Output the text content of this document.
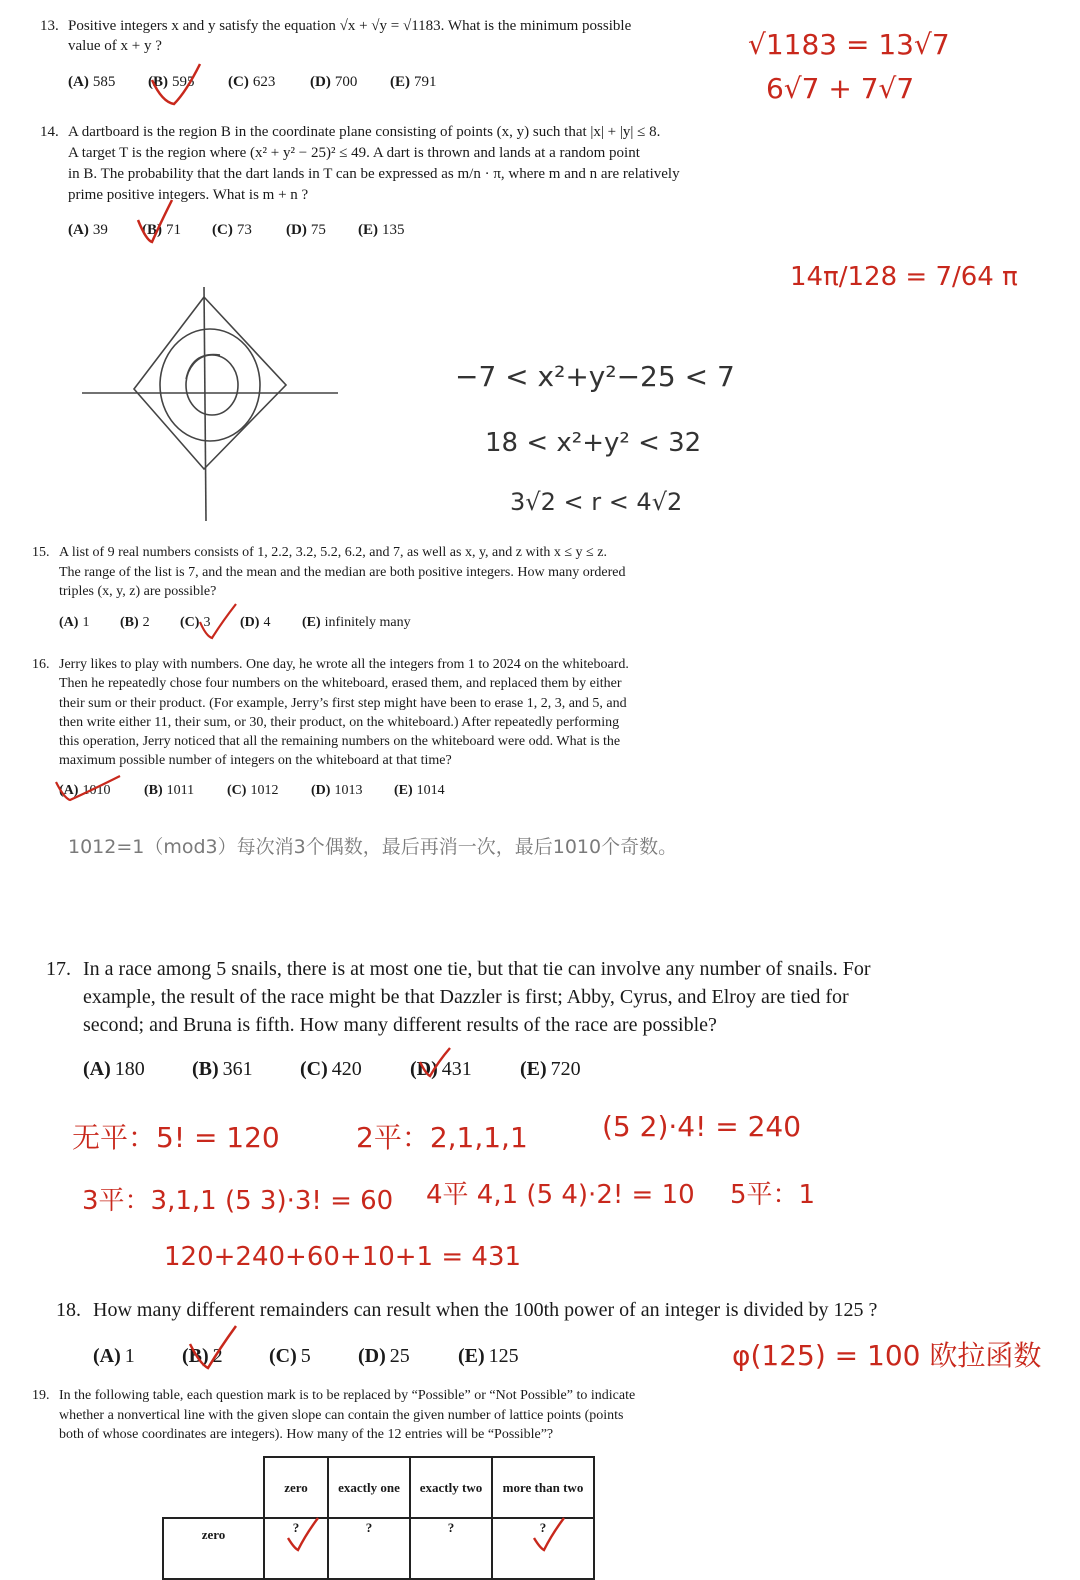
13. Positive integers x and y satisfy the equation √x + √y = √1183. What is the minimum possible
value of x + y ?
(A) 585 (B) 595 (C) 623 (D) 700 (E) 791
√1183 = 13√7
6√7 + 7√7
14. A dartboard is the region B in the coordinate plane consisting of points (x, y) such that |x| + |y| ≤ 8.
A target T is the region where (x² + y² − 25)² ≤ 49. A dart is thrown and lands at a random point
in B. The probability that the dart lands in T can be expressed as m/n · π, where m and n are relatively
prime positive integers. What is m + n ?
(A) 39 (B) 71 (C) 73 (D) 75 (E) 135
14π/128 = 7/64 π
−7 < x²+y²−25 < 7
18 < x²+y² < 32
3√2 < r < 4√2
15. A list of 9 real numbers consists of 1, 2.2, 3.2, 5.2, 6.2, and 7, as well as x, y, and z with x ≤ y ≤ z.
The range of the list is 7, and the mean and the median are both positive integers. How many ordered
triples (x, y, z) are possible?
(A) 1 (B) 2 (C) 3 (D) 4 (E) infinitely many
16. Jerry likes to play with numbers. One day, he wrote all the integers from 1 to 2024 on the whiteboard.
Then he repeatedly chose four numbers on the whiteboard, erased them, and replaced them by either
their sum or their product. (For example, Jerry’s first step might have been to erase 1, 2, 3, and 5, and
then write either 11, their sum, or 30, their product, on the whiteboard.) After repeatedly performing
this operation, Jerry noticed that all the remaining numbers on the whiteboard were odd. What is the
maximum possible number of integers on the whiteboard at that time?
(A) 1010 (B) 1011 (C) 1012 (D) 1013 (E) 1014
1012=1（mod3）每次消3个偶数，最后再消一次，最后1010个奇数。
17. In a race among 5 snails, there is at most one tie, but that tie can involve any number of snails. For
example, the result of the race might be that Dazzler is first; Abby, Cyrus, and Elroy are tied for
second; and Bruna is fifth. How many different results of the race are possible?
(A) 180 (B) 361 (C) 420 (D) 431 (E) 720
无平：5! = 120	2平：2,1,1,1	(5 2)·4! = 240
3平：3,1,1 (5 3)·3! = 60 4平 4,1 (5 4)·2! = 10 5平：1
120+240+60+10+1 = 431
18. How many different remainders can result when the 100th power of an integer is divided by 125 ?
(A) 1 (B) 2 (C) 5 (D) 25 (E) 125	φ(125) = 100 欧拉函数
19. In the following table, each question mark is to be replaced by “Possible” or “Not Possible” to indicate
whether a nonvertical line with the given slope can contain the given number of lattice points (points
both of whose coordinates are integers). How many of the 12 entries will be “Possible”?
	zero	exactly one	exactly two	more than two
zero	?	?	?	?
